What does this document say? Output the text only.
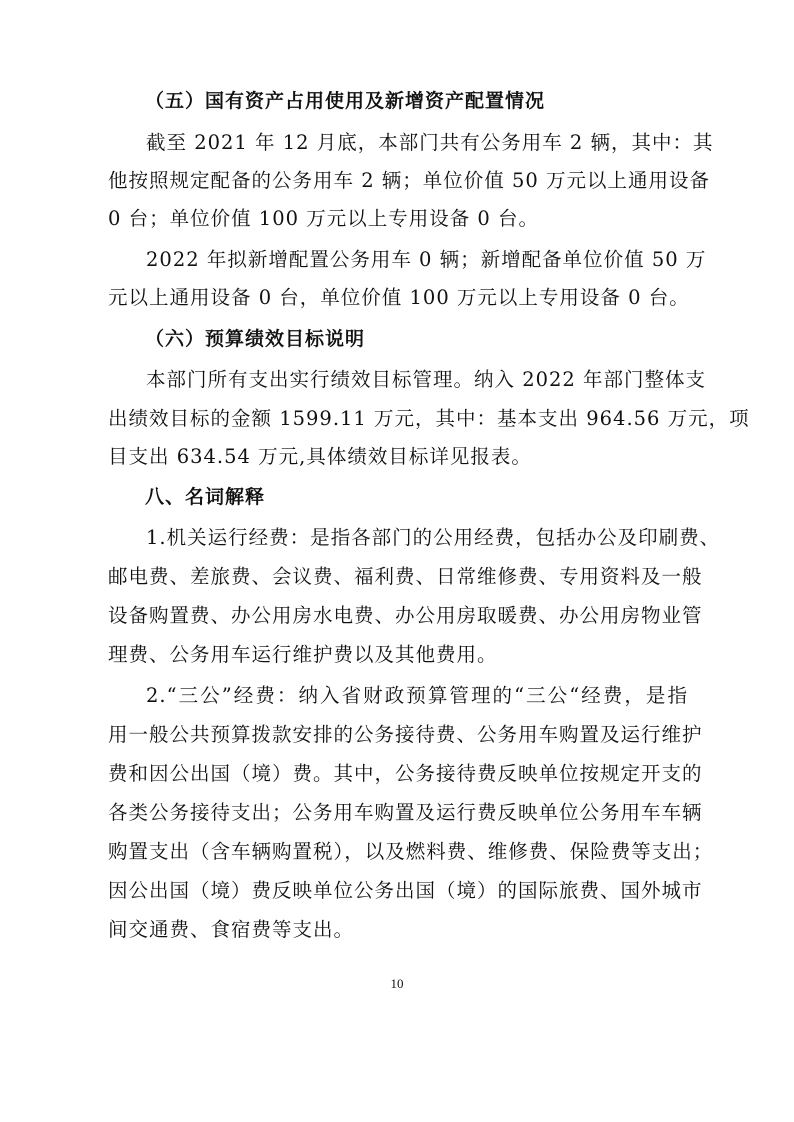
（五）国有资产占用使用及新增资产配置情况
截至 2021 年 12 月底，本部门共有公务用车 2 辆，其中：其
他按照规定配备的公务用车 2 辆；单位价值 50 万元以上通用设备
0 台；单位价值 100 万元以上专用设备 0 台。
2022 年拟新增配置公务用车 0 辆；新增配备单位价值 50 万
元以上通用设备 0 台，单位价值 100 万元以上专用设备 0 台。
（六）预算绩效目标说明
本部门所有支出实行绩效目标管理。纳入 2022 年部门整体支
出绩效目标的金额 1599.11 万元，其中：基本支出 964.56 万元，项
目支出 634.54 万元,具体绩效目标详见报表。
八、名词解释
1.机关运行经费：是指各部门的公用经费，包括办公及印刷费、
邮电费、差旅费、会议费、福利费、日常维修费、专用资料及一般
设备购置费、办公用房水电费、办公用房取暖费、办公用房物业管
理费、公务用车运行维护费以及其他费用。
2.“三公”经费：纳入省财政预算管理的“三公“经费，是指
用一般公共预算拨款安排的公务接待费、公务用车购置及运行维护
费和因公出国（境）费。其中，公务接待费反映单位按规定开支的
各类公务接待支出；公务用车购置及运行费反映单位公务用车车辆
购置支出（含车辆购置税），以及燃料费、维修费、保险费等支出；
因公出国（境）费反映单位公务出国（境）的国际旅费、国外城市
间交通费、食宿费等支出。
10
